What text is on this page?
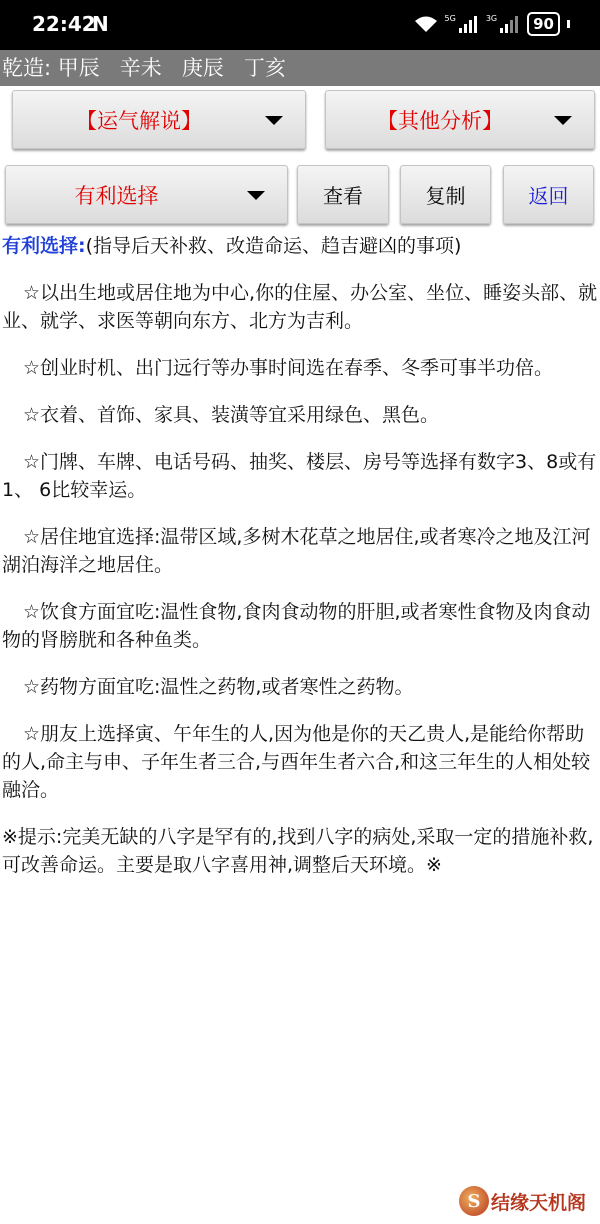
22:42
N	5G	3G 90
乾造: 甲辰 辛未 庚辰 丁亥
【运气解说】	【其他分析】
有利选择	查看	复制	返回

有利选择:(指导后天补救、改造命运、趋吉避凶的事项)

☆以出生地或居住地为中心,你的住屋、办公室、坐位、睡姿头部、就业、就学、求医等朝向东方、北方为吉利。

☆创业时机、出门远行等办事时间选在春季、冬季可事半功倍。

☆衣着、首饰、家具、装潢等宜采用绿色、黑色。

☆门牌、车牌、电话号码、抽奖、楼层、房号等选择有数字3、8或有1、 6比较幸运。

☆居住地宜选择:温带区域,多树木花草之地居住,或者寒冷之地及江河湖泊海洋之地居住。

☆饮食方面宜吃:温性食物,食肉食动物的肝胆,或者寒性食物及肉食动物的肾膀胱和各种鱼类。

☆药物方面宜吃:温性之药物,或者寒性之药物。

☆朋友上选择寅、午年生的人,因为他是你的天乙贵人,是能给你帮助的人,命主与申、子年生者三合,与酉年生者六合,和这三年生的人相处较融洽。

※提示:完美无缺的八字是罕有的,找到八字的病处,采取一定的措施补救,可改善命运。主要是取八字喜用神,调整后天环境。※

S 结缘天机阁
